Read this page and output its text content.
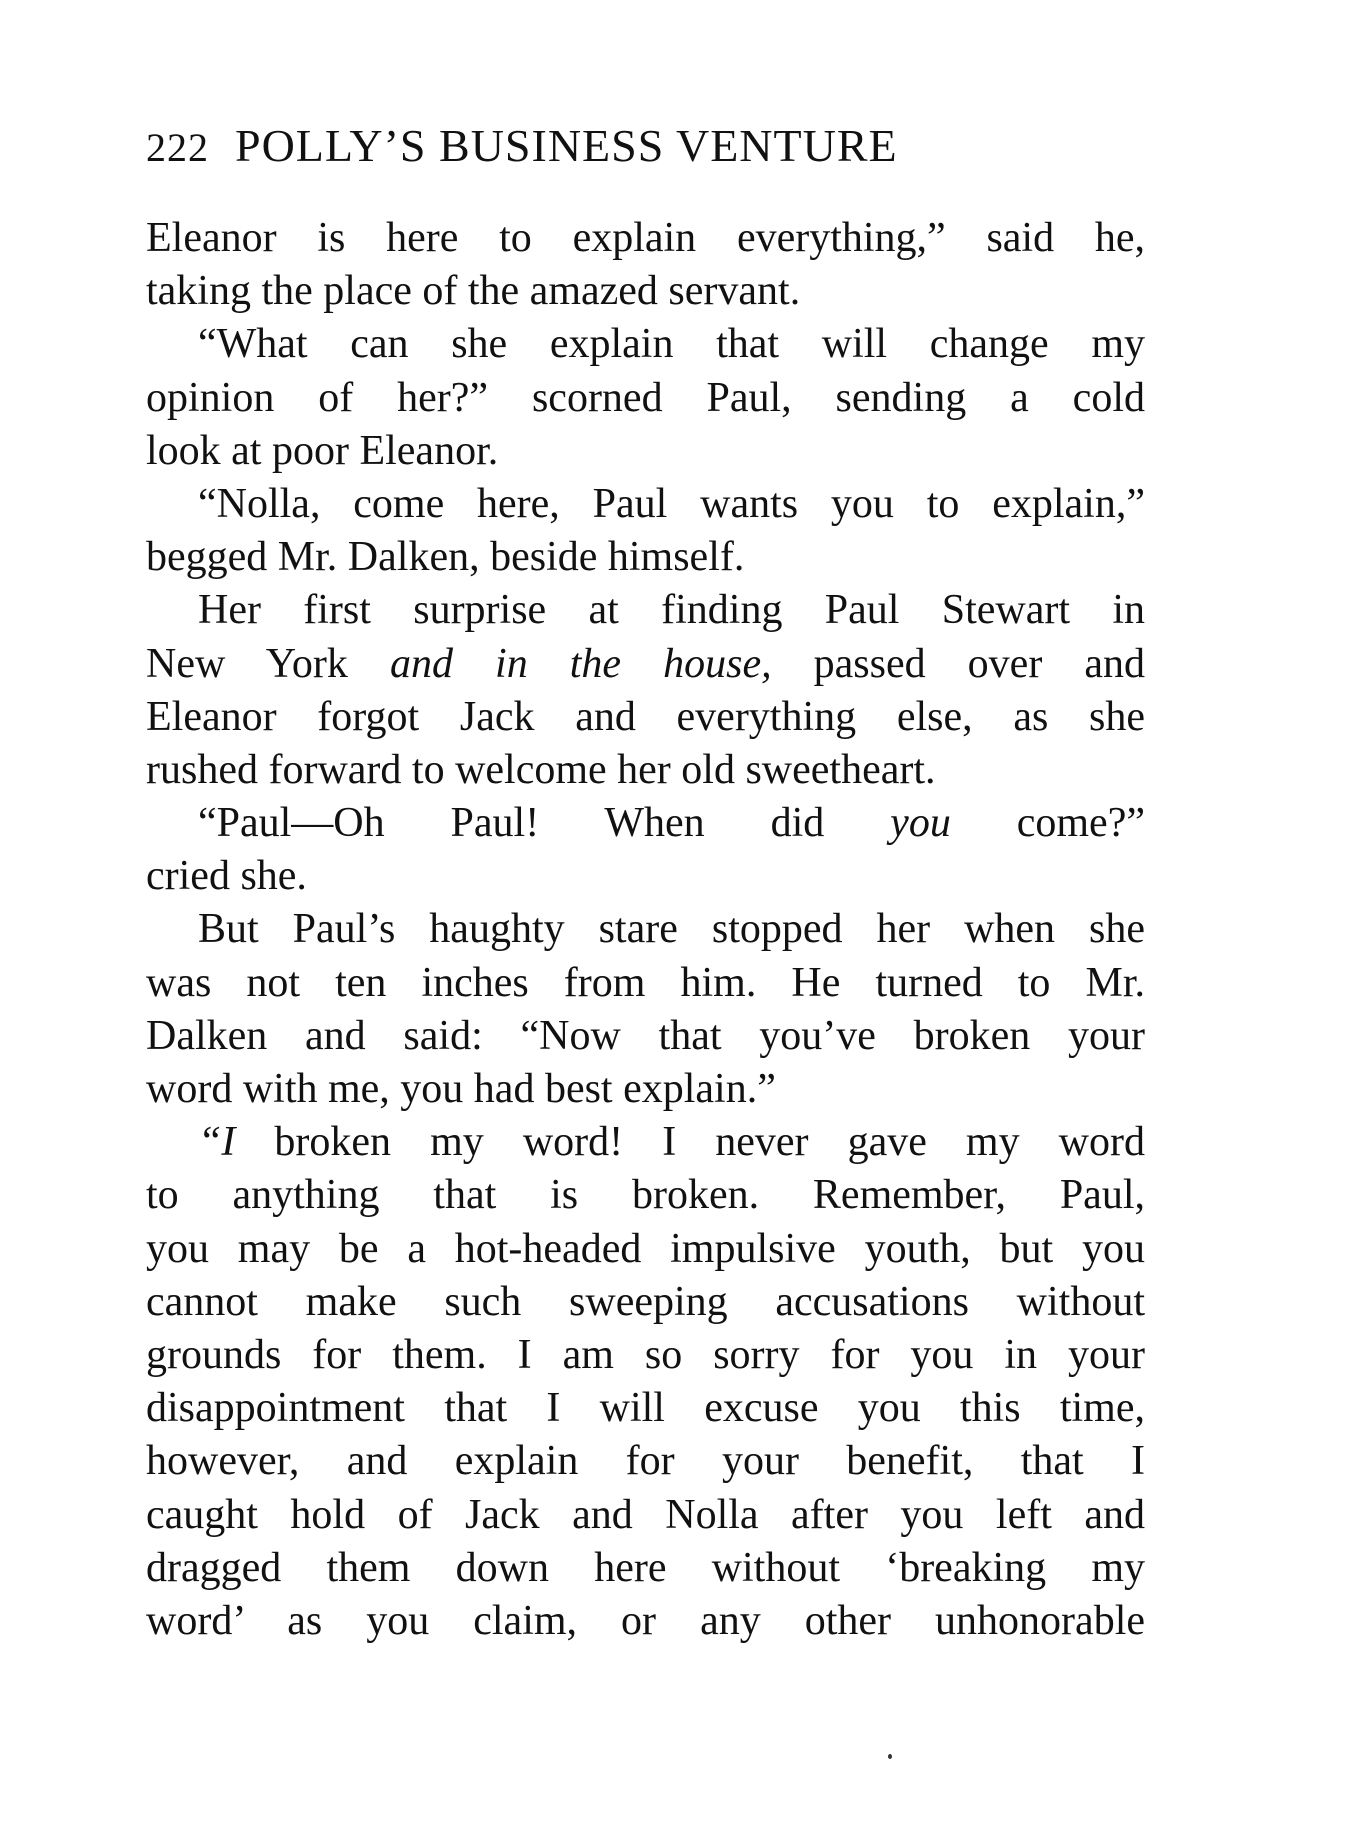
222 POLLY’S BUSINESS VENTURE
Eleanor is here to explain everything,” said he,
taking the place of the amazed servant.
“What can she explain that will change my
opinion of her?” scorned Paul, sending a cold
look at poor Eleanor.
“Nolla, come here, Paul wants you to explain,”
begged Mr. Dalken, beside himself.
Her first surprise at finding Paul Stewart in
New York and in the house, passed over and
Eleanor forgot Jack and everything else, as she
rushed forward to welcome her old sweetheart.
“Paul—Oh Paul! When did you come?”
cried she.
But Paul’s haughty stare stopped her when she
was not ten inches from him. He turned to Mr.
Dalken and said: “Now that you’ve broken your
word with me, you had best explain.”
“I broken my word! I never gave my word
to anything that is broken. Remember, Paul,
you may be a hot-headed impulsive youth, but you
cannot make such sweeping accusations without
grounds for them. I am so sorry for you in your
disappointment that I will excuse you this time,
however, and explain for your benefit, that I
caught hold of Jack and Nolla after you left and
dragged them down here without ‘breaking my
word’ as you claim, or any other unhonorable
